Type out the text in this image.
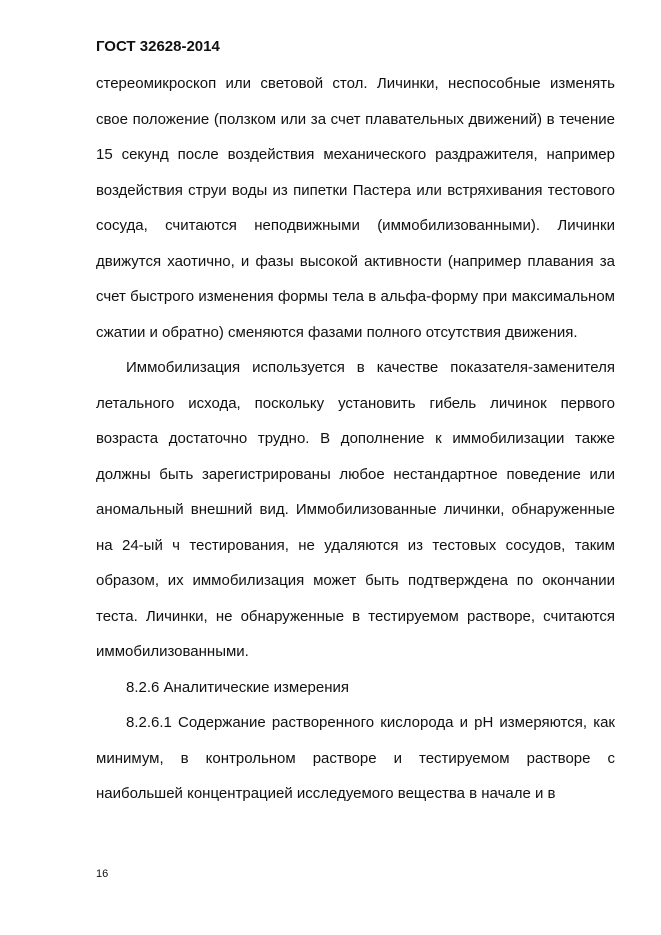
ГОСТ 32628-2014

стереомикроскоп или световой стол. Личинки, неспособные изменять свое положение (ползком или за счет плавательных движений) в течение 15 секунд после воздействия механического раздражителя, например воздействия струи воды из пипетки Пастера или встряхивания тестового сосуда, считаются неподвижными (иммобилизованными). Личинки движутся хаотично, и фазы высокой активности (например плавания за счет быстрого изменения формы тела в альфа-форму при максимальном сжатии и обратно) сменяются фазами полного отсутствия движения.

Иммобилизация используется в качестве показателя-заменителя летального исхода, поскольку установить гибель личинок первого возраста достаточно трудно. В дополнение к иммобилизации также должны быть зарегистрированы любое нестандартное поведение или аномальный внешний вид. Иммобилизованные личинки, обнаруженные на 24-ый ч тестирования, не удаляются из тестовых сосудов, таким образом, их иммобилизация может быть подтверждена по окончании теста. Личинки, не обнаруженные в тестируемом растворе, считаются иммобилизованными.

8.2.6 Аналитические измерения

8.2.6.1 Содержание растворенного кислорода и pH измеряются, как минимум, в контрольном растворе и тестируемом растворе с наибольшей концентрацией исследуемого вещества в начале и в

16
